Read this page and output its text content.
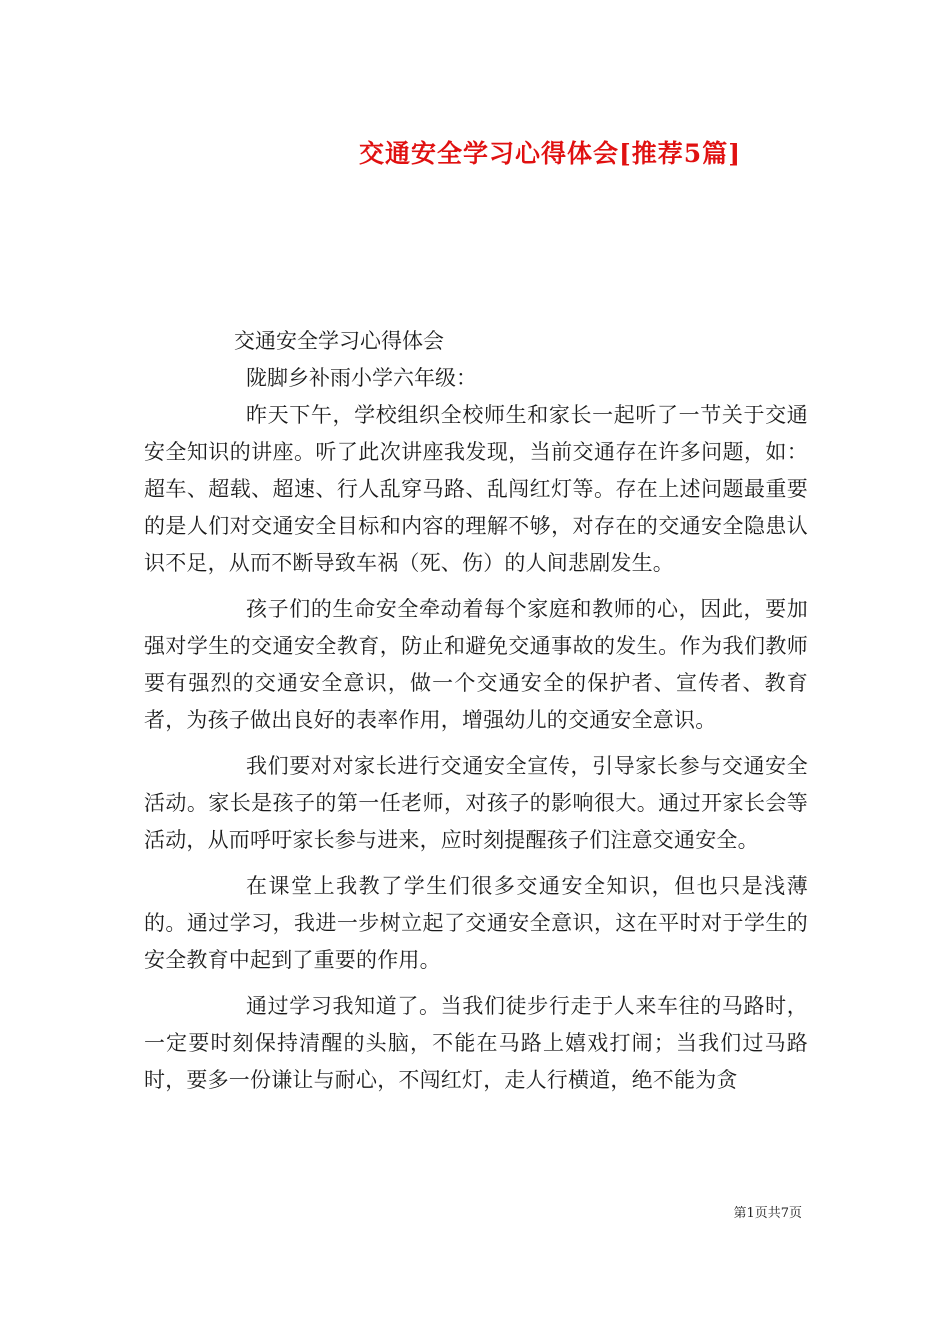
交通安全学习心得体会[推荐5篇]

交通安全学习心得体会

陇脚乡补雨小学六年级：

昨天下午，学校组织全校师生和家长一起听了一节关于交通安全知识的讲座。听了此次讲座我发现，当前交通存在许多问题，如：超车、超载、超速、行人乱穿马路、乱闯红灯等。存在上述问题最重要的是人们对交通安全目标和内容的理解不够，对存在的交通安全隐患认识不足，从而不断导致车祸（死、伤）的人间悲剧发生。

孩子们的生命安全牵动着每个家庭和教师的心，因此，要加强对学生的交通安全教育，防止和避免交通事故的发生。作为我们教师要有强烈的交通安全意识，做一个交通安全的保护者、宣传者、教育者，为孩子做出良好的表率作用，增强幼儿的交通安全意识。

我们要对对家长进行交通安全宣传，引导家长参与交通安全活动。家长是孩子的第一任老师，对孩子的影响很大。通过开家长会等活动，从而呼吁家长参与进来，应时刻提醒孩子们注意交通安全。

在课堂上我教了学生们很多交通安全知识，但也只是浅薄的。通过学习，我进一步树立起了交通安全意识，这在平时对于学生的安全教育中起到了重要的作用。

通过学习我知道了。当我们徒步行走于人来车往的马路时，一定要时刻保持清醒的头脑，不能在马路上嬉戏打闹；当我们过马路时，要多一份谦让与耐心，不闯红灯，走人行横道，绝不能为贪

第1页共7页
